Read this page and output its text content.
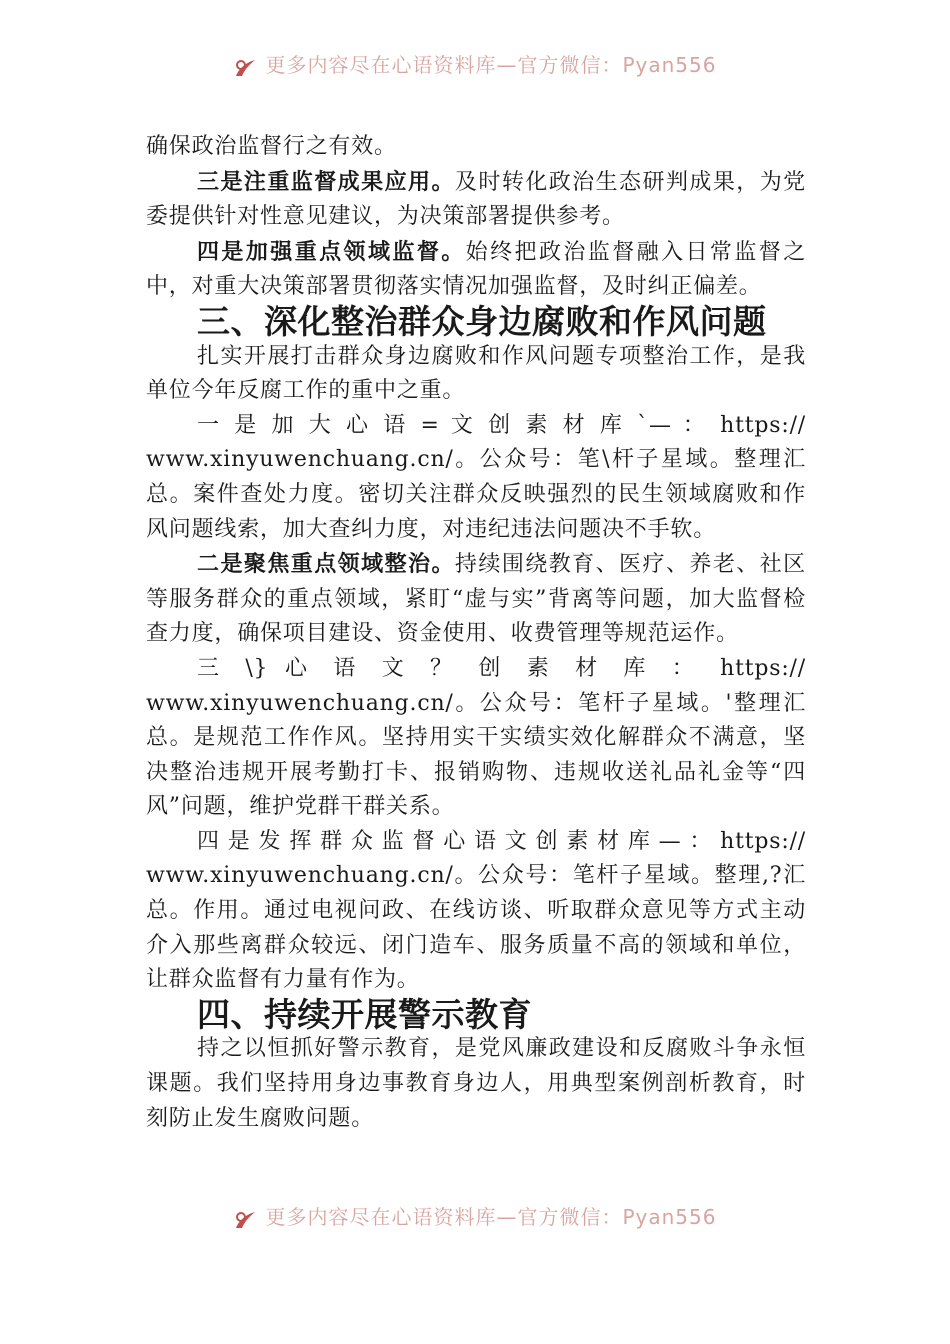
更多内容尽在心语资料库—官方微信：Pyan556

确保政治监督行之有效。

三是注重监督成果应用。及时转化政治生态研判成果，为党委提供针对性意见建议，为决策部署提供参考。

四是加强重点领域监督。始终把政治监督融入日常监督之中，对重大决策部署贯彻落实情况加强监督，及时纠正偏差。

三、深化整治群众身边腐败和作风问题

扎实开展打击群众身边腐败和作风问题专项整治工作，是我单位今年反腐工作的重中之重。

一 是 加 大 心 语 = 文 创 素 材 库 `— ： https://

www.xinyuwenchuang.cn/。公众号：笔\杆子星域。整理汇总。案件查处力度。密切关注群众反映强烈的民生领域腐败和作风问题线索，加大查纠力度，对违纪违法问题决不手软。

二是聚焦重点领域整治。持续围绕教育、医疗、养老、社区等服务群众的重点领域，紧盯“虚与实”背离等问题，加大监督检查力度，确保项目建设、资金使用、收费管理等规范运作。

三 \} 心 语 文 ？ 创 素 材 库 ： https://

www.xinyuwenchuang.cn/。公众号：笔杆子星域。'整理汇总。是规范工作作风。坚持用实干实绩实效化解群众不满意，坚决整治违规开展考勤打卡、报销购物、违规收送礼品礼金等“四风”问题，维护党群干群关系。

四 是 发 挥 群 众 监 督 心 语 文 创 素 材 库 — ： https://

www.xinyuwenchuang.cn/。公众号：笔杆子星域。整理,?汇总。作用。通过电视问政、在线访谈、听取群众意见等方式主动介入那些离群众较远、闭门造车、服务质量不高的领域和单位，让群众监督有力量有作为。

四、持续开展警示教育

持之以恒抓好警示教育，是党风廉政建设和反腐败斗争永恒课题。我们坚持用身边事教育身边人，用典型案例剖析教育，时刻防止发生腐败问题。

更多内容尽在心语资料库—官方微信：Pyan556
